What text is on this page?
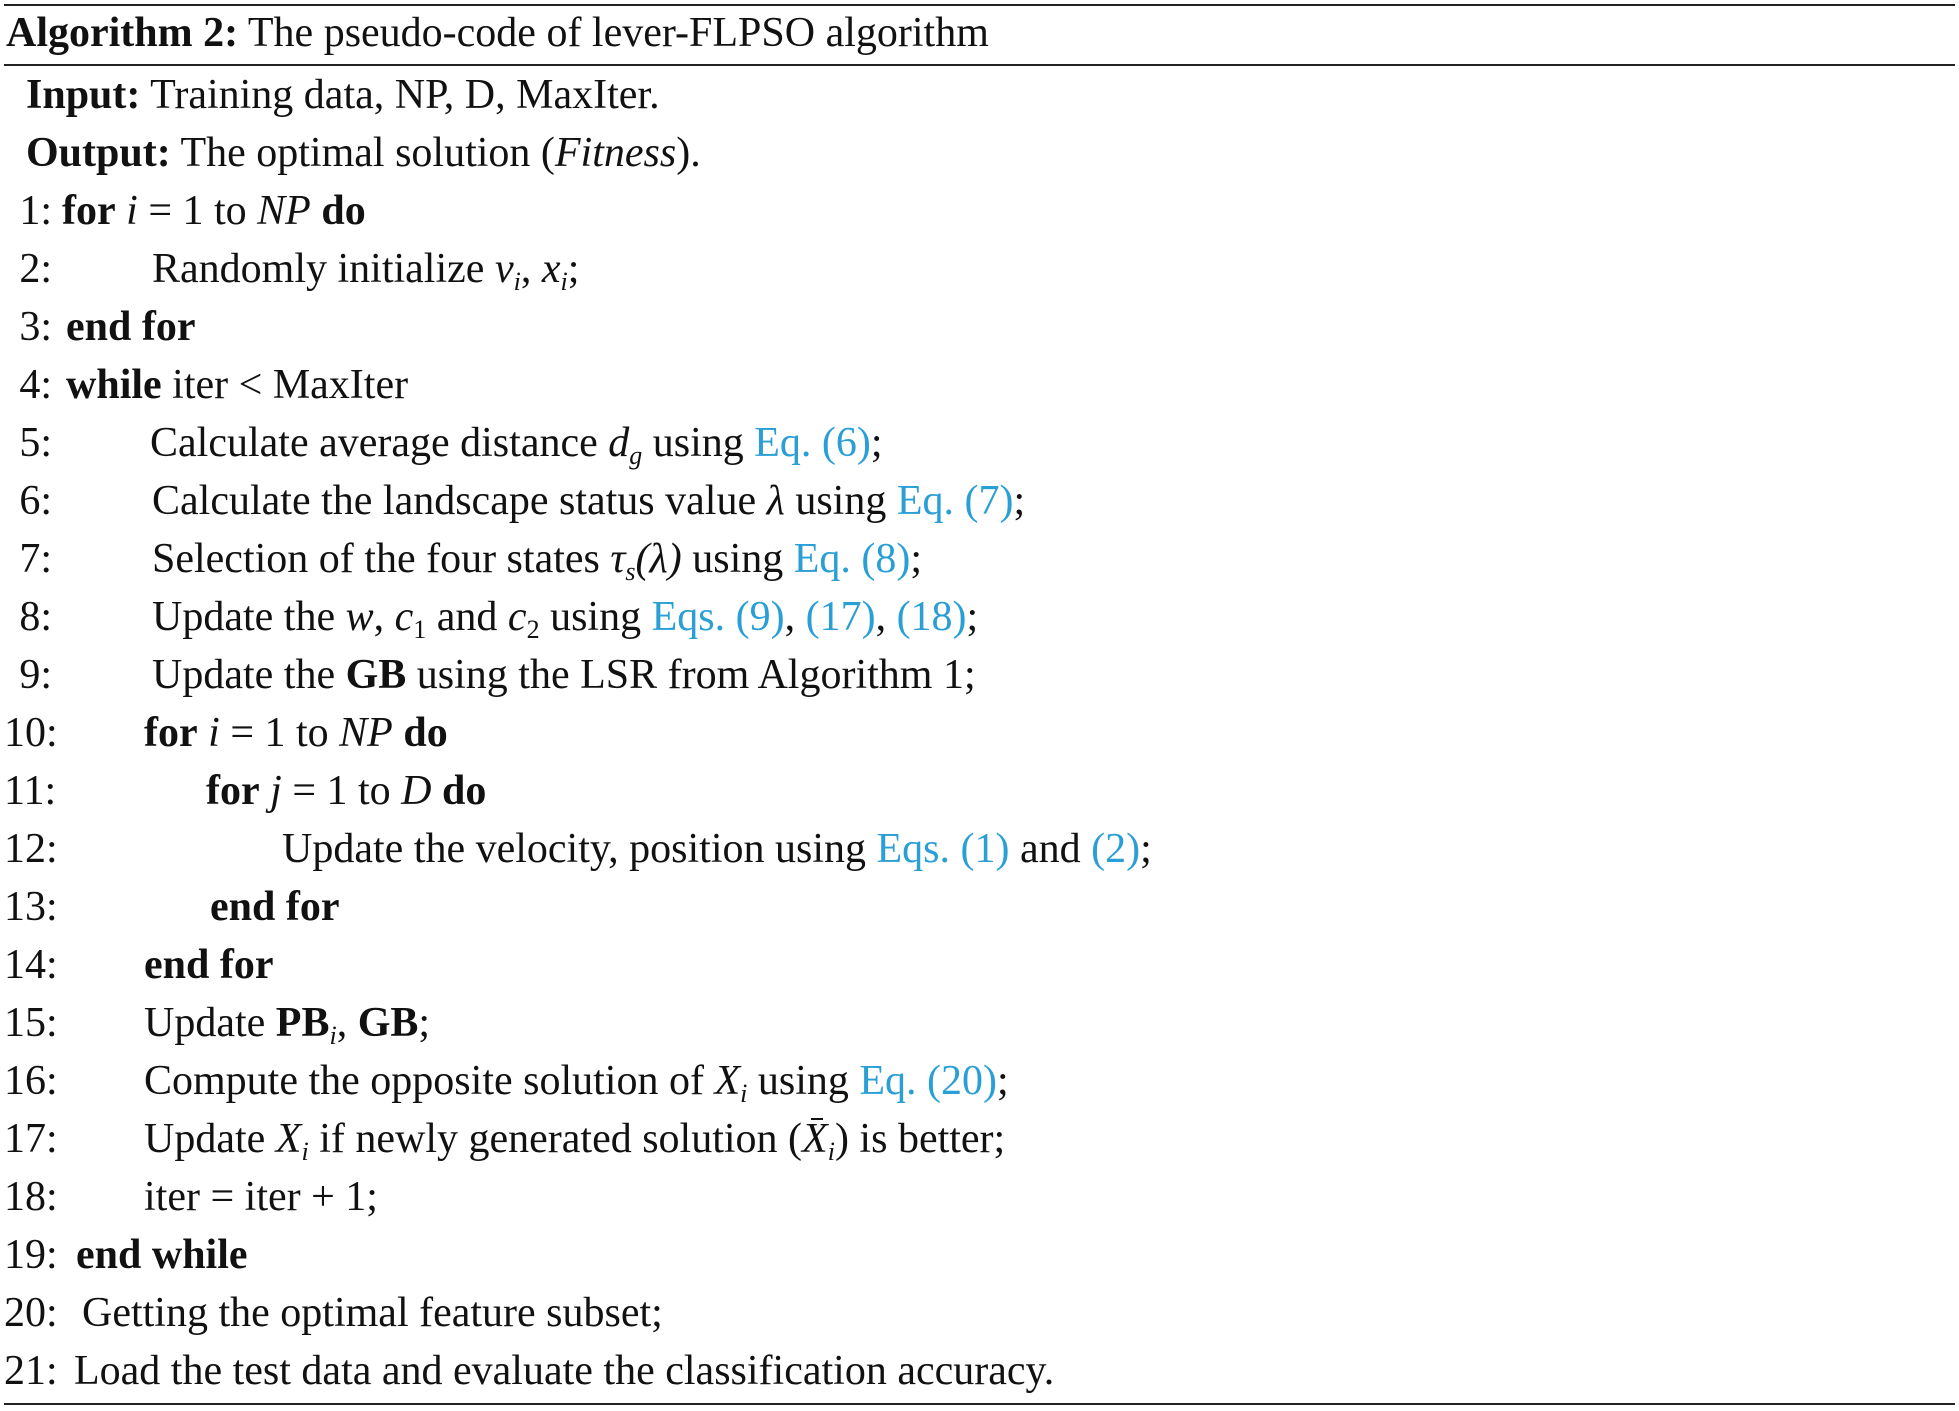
Algorithm 2: The pseudo-code of lever-FLPSO algorithm
Input: Training data, NP, D, MaxIter.
Output: The optimal solution (Fitness).
1: for i = 1 to NP do
2: Randomly initialize $v_i$, $x_i$;
3: end for
4: while iter < MaxIter
5: Calculate average distance $d_g$ using Eq. (6);
6: Calculate the landscape status value λ using Eq. (7);
7: Selection of the four states $\tau_s(\lambda)$ using Eq. (8);
8: Update the w, $c_1$ and $c_2$ using Eqs. (9), (17), (18);
9: Update the GB using the LSR from Algorithm 1;
10: for i = 1 to NP do
11:	for j = 1 to D do
12:	Update the velocity, position using Eqs. (1) and (2);
13:	end for
14: end for
15: Update $PB_i$, GB;
16: Compute the opposite solution of $X_i$ using Eq. (20);
17: Update $X_i$ if newly generated solution $(X_i)$ is better;
18: iter = iter + 1;
19: end while
20: Getting the optimal feature subset;
21: Load the test data and evaluate the classification accuracy.
